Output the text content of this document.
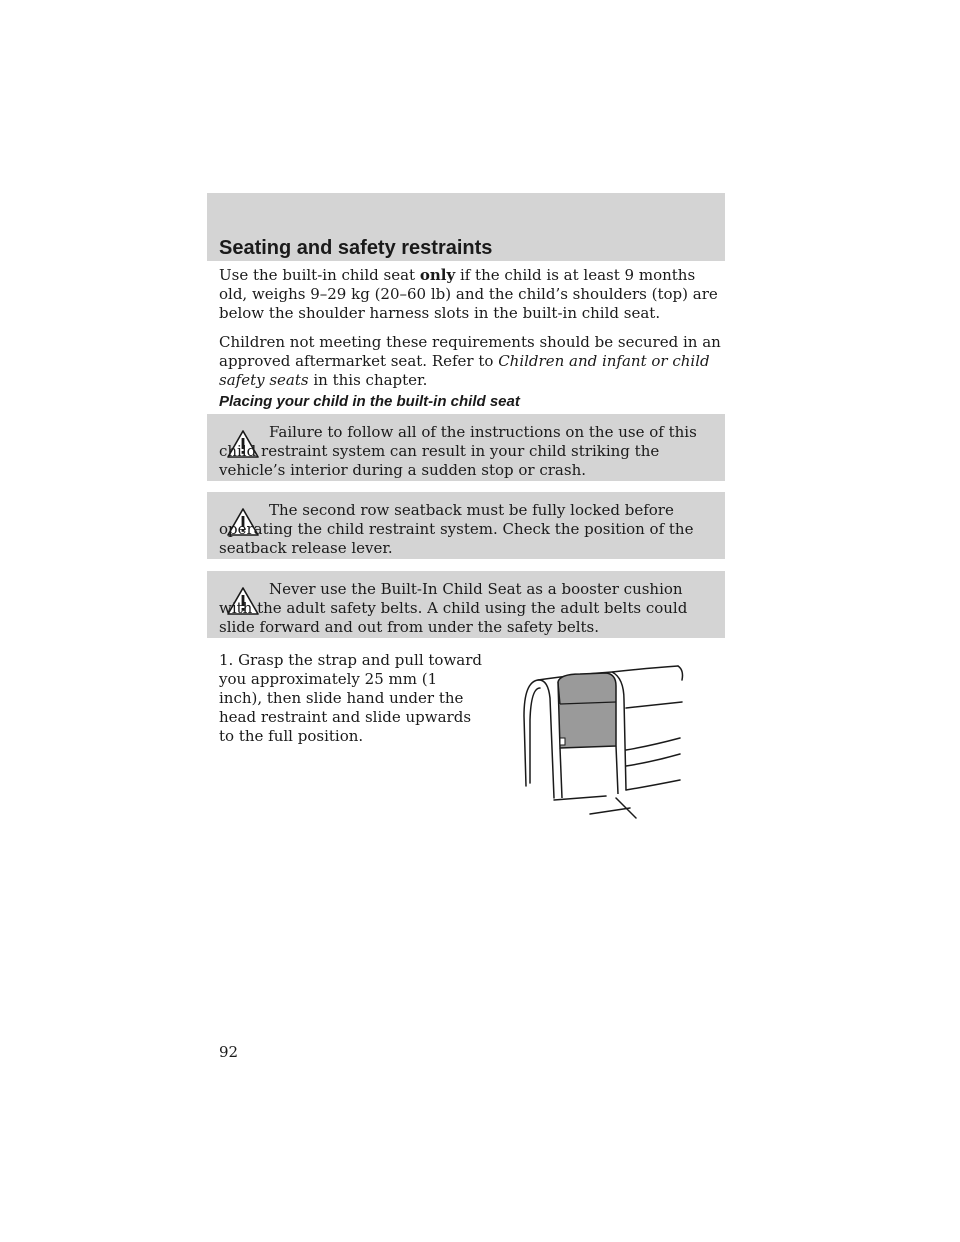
Seating and safety restraints

Use the built-in child seat only if the child is at least 9 months old, weighs 9–29 kg (20–60 lb) and the child’s shoulders (top) are below the shoulder harness slots in the built-in child seat.

Children not meeting these requirements should be secured in an approved aftermarket seat. Refer to Children and infant or child safety seats in this chapter.

Placing your child in the built-in child seat

Failure to follow all of the instructions on the use of this child restraint system can result in your child striking the vehicle’s interior during a sudden stop or crash.

The second row seatback must be fully locked before operating the child restraint system. Check the position of the seatback release lever.

Never use the Built-In Child Seat as a booster cushion with the adult safety belts. A child using the adult belts could slide forward and out from under the safety belts.

1. Grasp the strap and pull toward you approximately 25 mm (1 inch), then slide hand under the head restraint and slide upwards to the full position.

92
